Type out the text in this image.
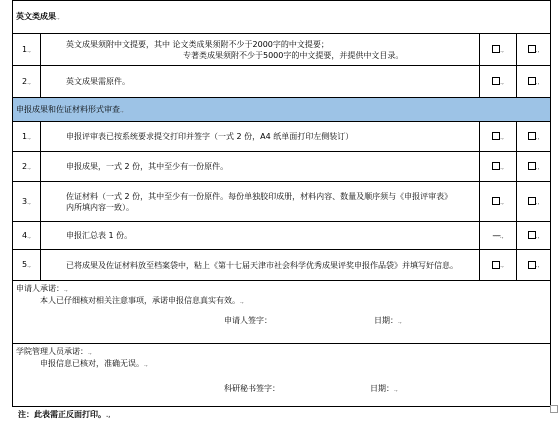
英文类成果.,			
1.,	英文成果须附中文提要，其中 论文类成果须附不少于2000字的中文提要；
专著类成果须附不少于5000字的中文提要，并提供中文目录。	.,	.,
2.,	英文成果需原件。	.,	.,
申报成果和佐证材料形式审查.,			
1.,	申报评审表已按系统要求提交打印并签字（一式 2 份，A4 纸单面打印左侧装订）	.,	.,
2.,	申报成果，一式 2 份，其中至少有一份原件。	.,	.,
3.,	佐证材料（一式 2 份，其中至少有一份原件。每份单独胶印成册，材料内容、数量及顺序须与《申报评审表》
内所填内容一致）。	.,	.,
4.,	申报汇总表 1 份。	----.,	.,
5.,	已将成果及佐证材料放至档案袋中，粘上《第十七届天津市社会科学优秀成果评奖申报作品袋》并填写好信息。	.,	.,

申请人承诺：.,
本人已仔细核对相关注意事项，承诺申报信息真实有效。.,
申请人签字： 日期：.,			

学院管理人员承诺：.,
申报信息已核对，准确无误。.,
科研秘书签字： 日期：.,			
注：此表需正反面打印。.,
